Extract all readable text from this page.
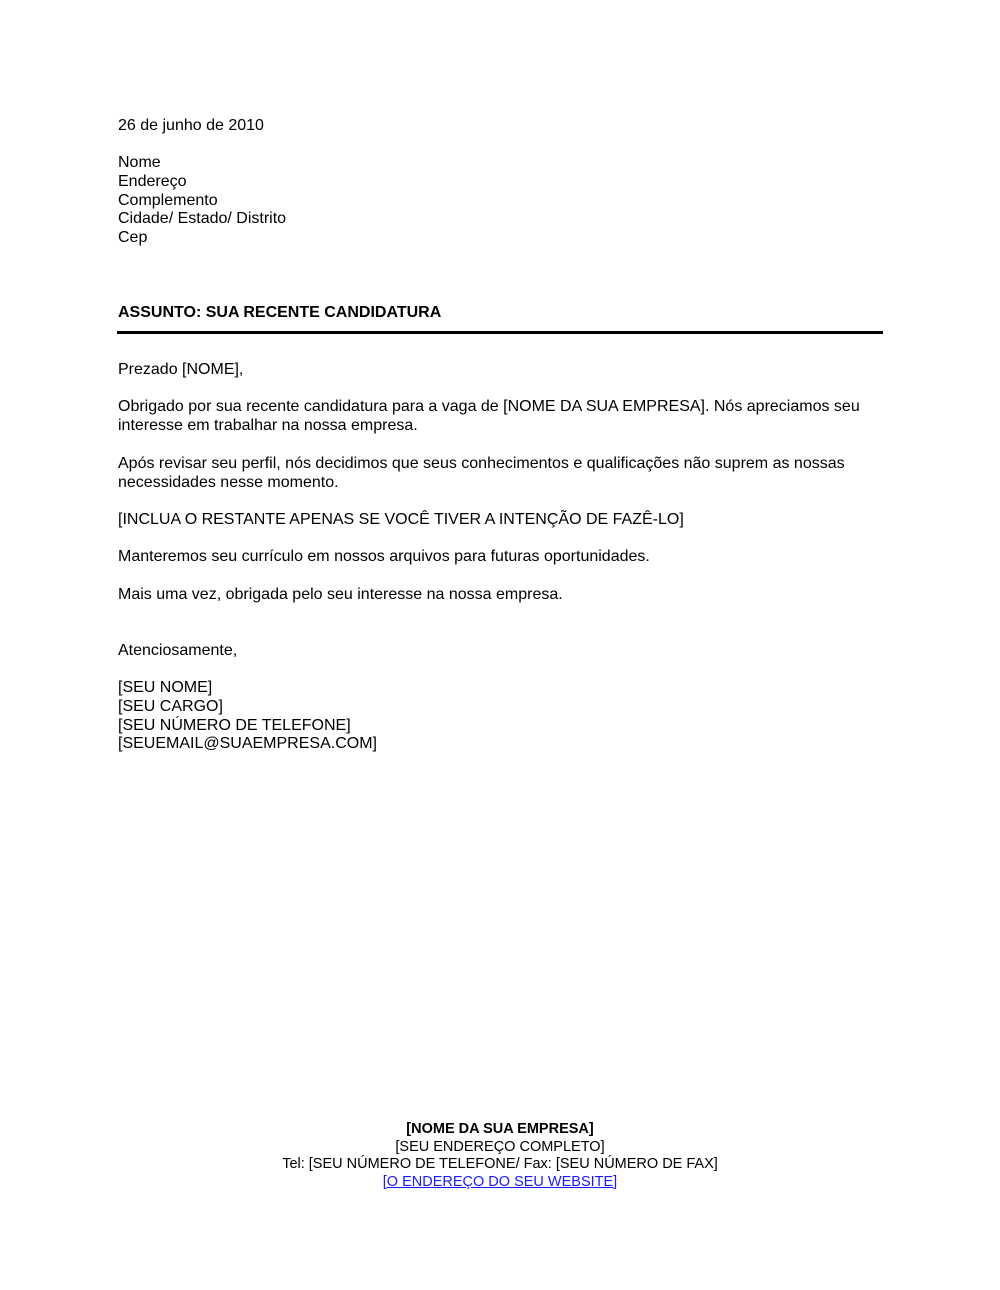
26 de junho de 2010
Nome
Endereço
Complemento
Cidade/ Estado/ Distrito
Cep
ASSUNTO: SUA RECENTE CANDIDATURA
Prezado [NOME],
Obrigado por sua recente candidatura para a vaga de [NOME DA SUA EMPRESA]. Nós apreciamos seu interesse em trabalhar na nossa empresa.
Após revisar seu perfil, nós decidimos que seus conhecimentos e qualificações não suprem as nossas necessidades nesse momento.
[INCLUA O RESTANTE APENAS SE VOCÊ TIVER A INTENÇÃO DE FAZÊ-LO]
Manteremos seu currículo em nossos arquivos para futuras oportunidades.
Mais uma vez, obrigada pelo seu interesse na nossa empresa.
Atenciosamente,
[SEU NOME]
[SEU CARGO]
[SEU NÚMERO DE TELEFONE]
[SEUEMAIL@SUAEMPRESA.COM]
[NOME DA SUA EMPRESA]
[SEU ENDEREÇO COMPLETO]
Tel: [SEU NÚMERO DE TELEFONE/ Fax: [SEU NÚMERO DE FAX]
[O ENDEREÇO DO SEU WEBSITE]
